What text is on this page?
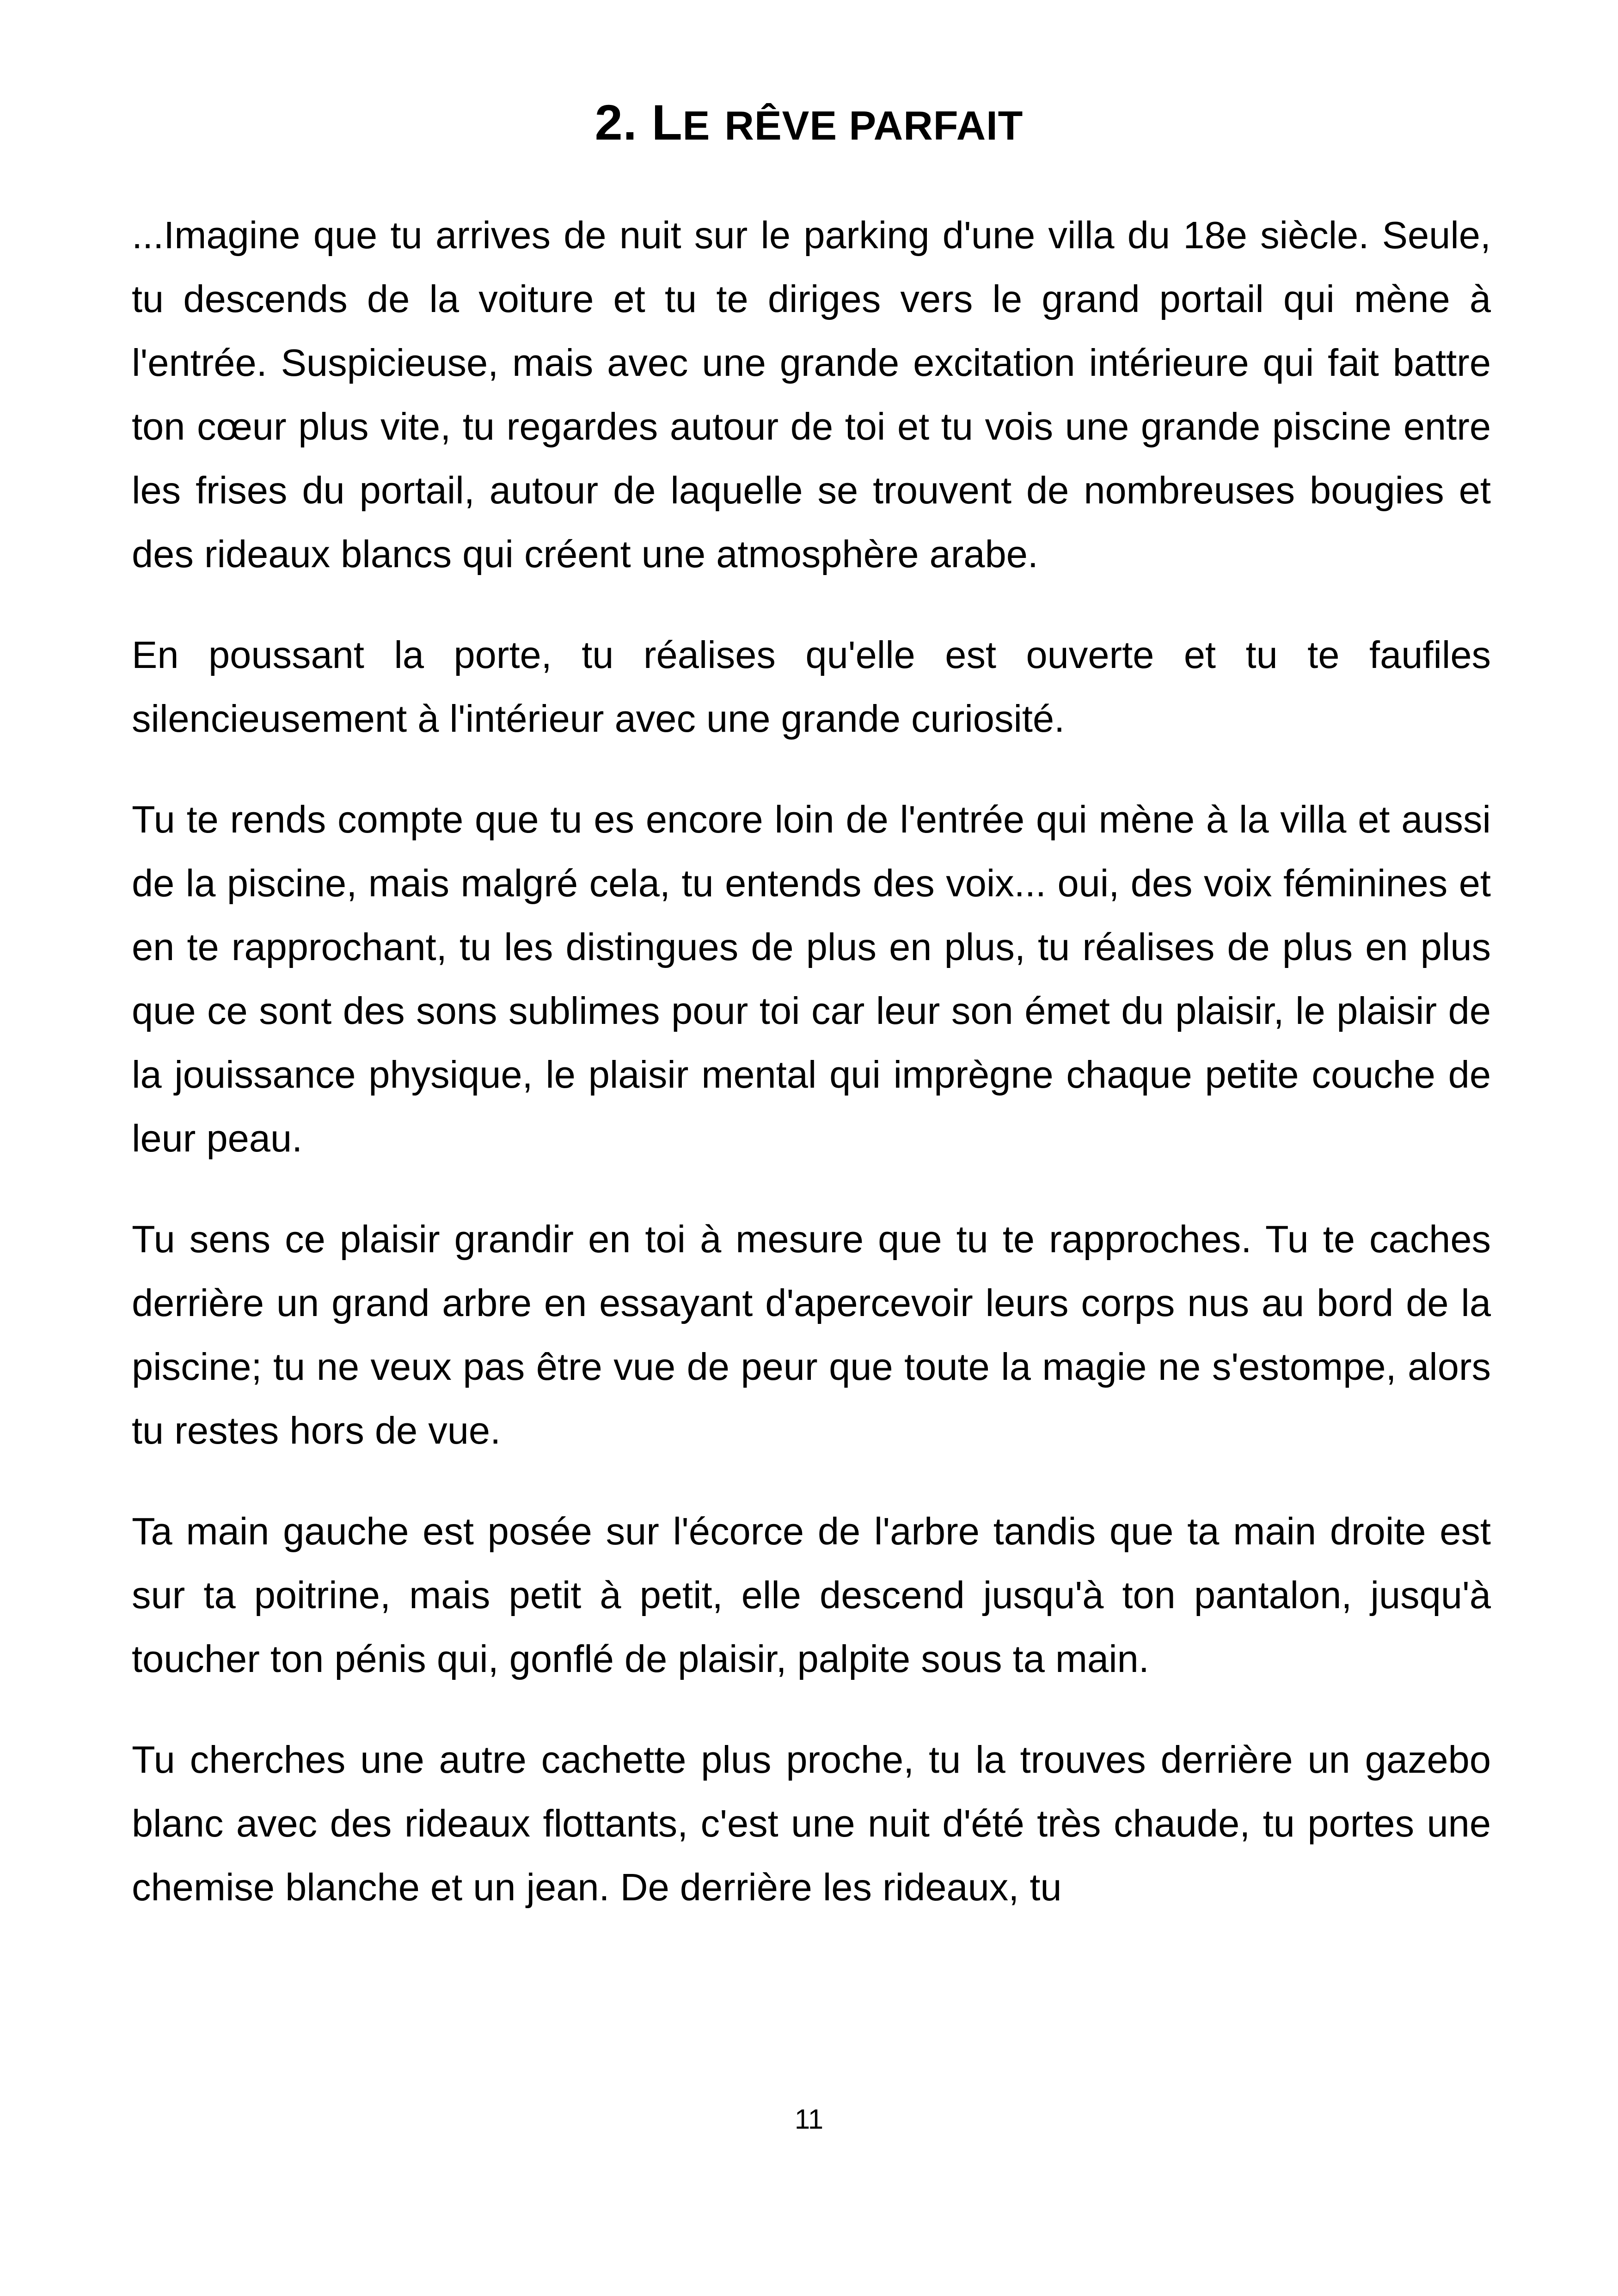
2. LE RÊVE PARFAIT

...Imagine que tu arrives de nuit sur le parking d'une villa du 18e siècle. Seule, tu descends de la voiture et tu te diriges vers le grand portail qui mène à l'entrée. Suspicieuse, mais avec une grande excitation intérieure qui fait battre ton cœur plus vite, tu regardes autour de toi et tu vois une grande piscine entre les frises du portail, autour de laquelle se trouvent de nombreuses bougies et des rideaux blancs qui créent une atmosphère arabe.

En poussant la porte, tu réalises qu'elle est ouverte et tu te faufiles silencieusement à l'intérieur avec une grande curiosité.

Tu te rends compte que tu es encore loin de l'entrée qui mène à la villa et aussi de la piscine, mais malgré cela, tu entends des voix... oui, des voix féminines et en te rapprochant, tu les distingues de plus en plus, tu réalises de plus en plus que ce sont des sons sublimes pour toi car leur son émet du plaisir, le plaisir de la jouissance physique, le plaisir mental qui imprègne chaque petite couche de leur peau.

Tu sens ce plaisir grandir en toi à mesure que tu te rapproches. Tu te caches derrière un grand arbre en essayant d'apercevoir leurs corps nus au bord de la piscine; tu ne veux pas être vue de peur que toute la magie ne s'estompe, alors tu restes hors de vue.

Ta main gauche est posée sur l'écorce de l'arbre tandis que ta main droite est sur ta poitrine, mais petit à petit, elle descend jusqu'à ton pantalon, jusqu'à toucher ton pénis qui, gonflé de plaisir, palpite sous ta main.

Tu cherches une autre cachette plus proche, tu la trouves derrière un gazebo blanc avec des rideaux flottants, c'est une nuit d'été très chaude, tu portes une chemise blanche et un jean. De derrière les rideaux, tu

11
